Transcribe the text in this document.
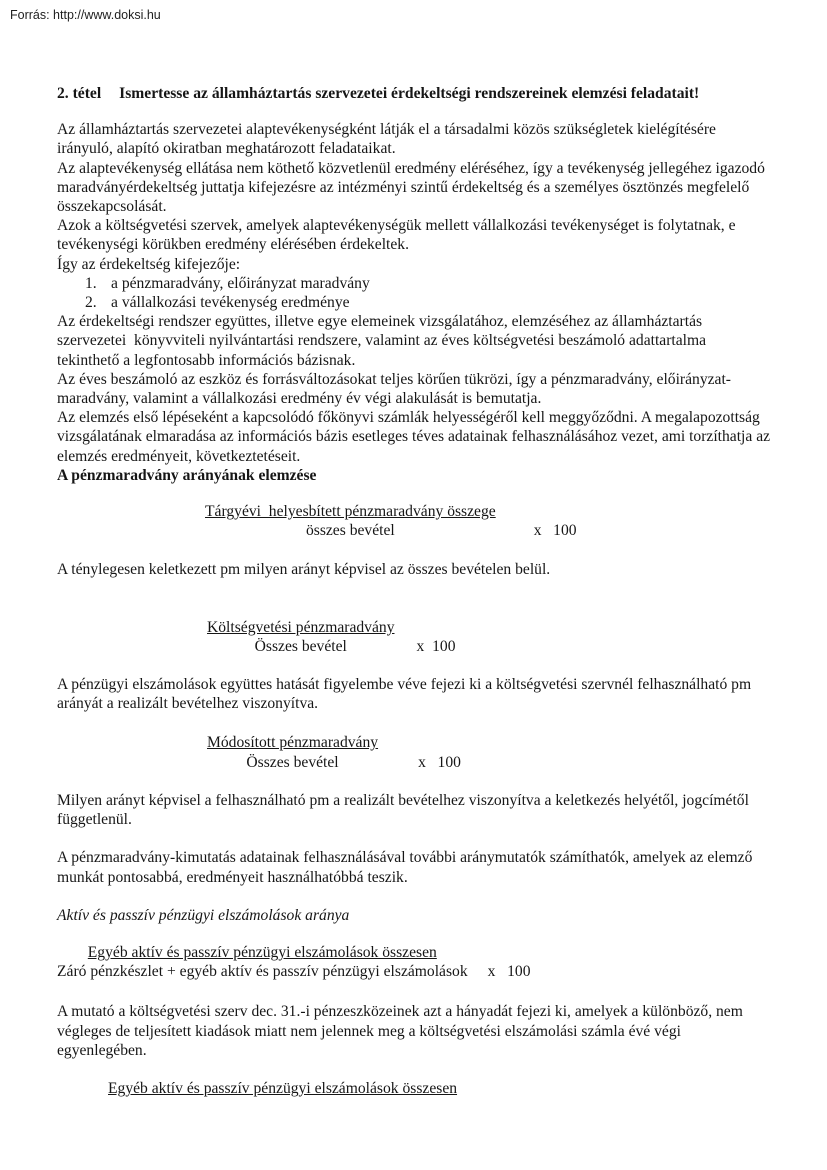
Forrás: http://www.doksi.hu

2. tétel Ismertesse az államháztartás szervezetei érdekeltségi rendszereinek elemzési feladatait!

Az államháztartás szervezetei alaptevékenységként látják el a társadalmi közös szükségletek kielégítésére irányuló, alapító okiratban meghatározott feladataikat.

Az alaptevékenység ellátása nem köthető közvetlenül eredmény eléréséhez, így a tevékenység jellegéhez igazodó maradványérdekeltség juttatja kifejezésre az intézményi szintű érdekeltség és a személyes ösztönzés megfelelő összekapcsolását.

Azok a költségvetési szervek, amelyek alaptevékenységük mellett vállalkozási tevékenységet is folytatnak, e tevékenységi körükben eredmény elérésében érdekeltek.

Így az érdekeltség kifejezője:

1. a pénzmaradvány, előirányzat maradvány
2. a vállalkozási tevékenység eredménye

Az érdekeltségi rendszer együttes, illetve egye elemeinek vizsgálatához, elemzéséhez az államháztartás szervezetei  könyvviteli nyilvántartási rendszere, valamint az éves költségvetési beszámoló adattartalma tekinthető a legfontosabb információs bázisnak.

Az éves beszámoló az eszköz és forrásváltozásokat teljes körűen tükrözi, így a pénzmaradvány, előirányzat-maradvány, valamint a vállalkozási eredmény év végi alakulását is bemutatja.

Az elemzés első lépéseként a kapcsolódó főkönyvi számlák helyességéről kell meggyőződni. A megalapozottság vizsgálatának elmaradása az információs bázis esetleges téves adatainak felhasználásához vezet, ami torzíthatja az elemzés eredményeit, következtetéseit.

A pénzmaradvány arányának elemzése

$\frac{\text{Tárgyévi  helyesbített pénzmaradvány összege}}{\text{összes bevétel}}$ x   100

A ténylegesen keletkezett pm milyen arányt képvisel az összes bevételen belül.

$\frac{\text{Költségvetési pénzmaradvány}}{\text{Összes bevétel}}$ x  100

A pénzügyi elszámolások együttes hatását figyelembe véve fejezi ki a költségvetési szervnél felhasználható pm arányát a realizált bevételhez viszonyítva.

$\frac{\text{Módosított pénzmaradvány}}{\text{Összes bevétel}}$	x   100

Milyen arányt képvisel a felhasználható pm a realizált bevételhez viszonyítva a keletkezés helyétől, jogcímétől függetlenül.

A pénzmaradvány-kimutatás adatainak felhasználásával további aránymutatók számíthatók, amelyek az elemző munkát pontosabbá, eredményeit használhatóbbá teszik.

Aktív és passzív pénzügyi elszámolások aránya

Egyéb aktív és passzív pénzügyi elszámolások összesen
Záró pénzkészlet + egyéb aktív és passzív pénzügyi elszámolások x   100

A mutató a költségvetési szerv dec. 31.-i pénzeszközeinek azt a hányadát fejezi ki, amelyek a különböző, nem végleges de teljesített kiadások miatt nem jelennek meg a költségvetési elszámolási számla évé végi egyenlegében.

Egyéb aktív és passzív pénzügyi elszámolások összesen
